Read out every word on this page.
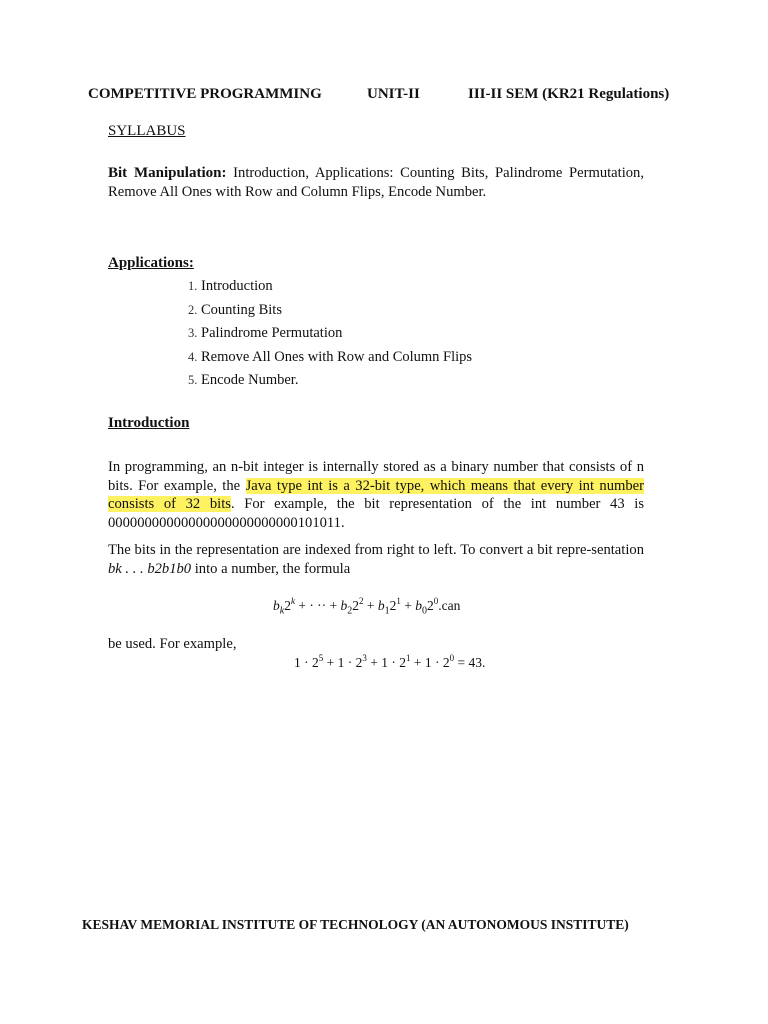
COMPETITIVE PROGRAMMING	UNIT-II	III-II SEM (KR21 Regulations)
SYLLABUS
Bit Manipulation: Introduction, Applications: Counting Bits, Palindrome Permutation, Remove All Ones with Row and Column Flips, Encode Number.
Applications:
1. Introduction
2. Counting Bits
3. Palindrome Permutation
4. Remove All Ones with Row and Column Flips
5. Encode Number.
Introduction
In programming, an n-bit integer is internally stored as a binary number that consists of n bits. For example, the Java type int is a 32-bit type, which means that every int number consists of 32 bits. For example, the bit representation of the int number 43 is 00000000000000000000000000101011.
The bits in the representation are indexed from right to left. To convert a bit repre-sentation bk . . . b2b1b0 into a number, the formula
$b_k2^k$ + · ·· + $b_22^2 + b_12^1 + b_02^0.can$
be used. For example,
$1 \cdot 2^5 + 1 \cdot 2^3 + 1 \cdot 2^1 + 1 \cdot 2^0 = 43$.
KESHAV MEMORIAL INSTITUTE OF TECHNOLOGY (AN AUTONOMOUS INSTITUTE)
